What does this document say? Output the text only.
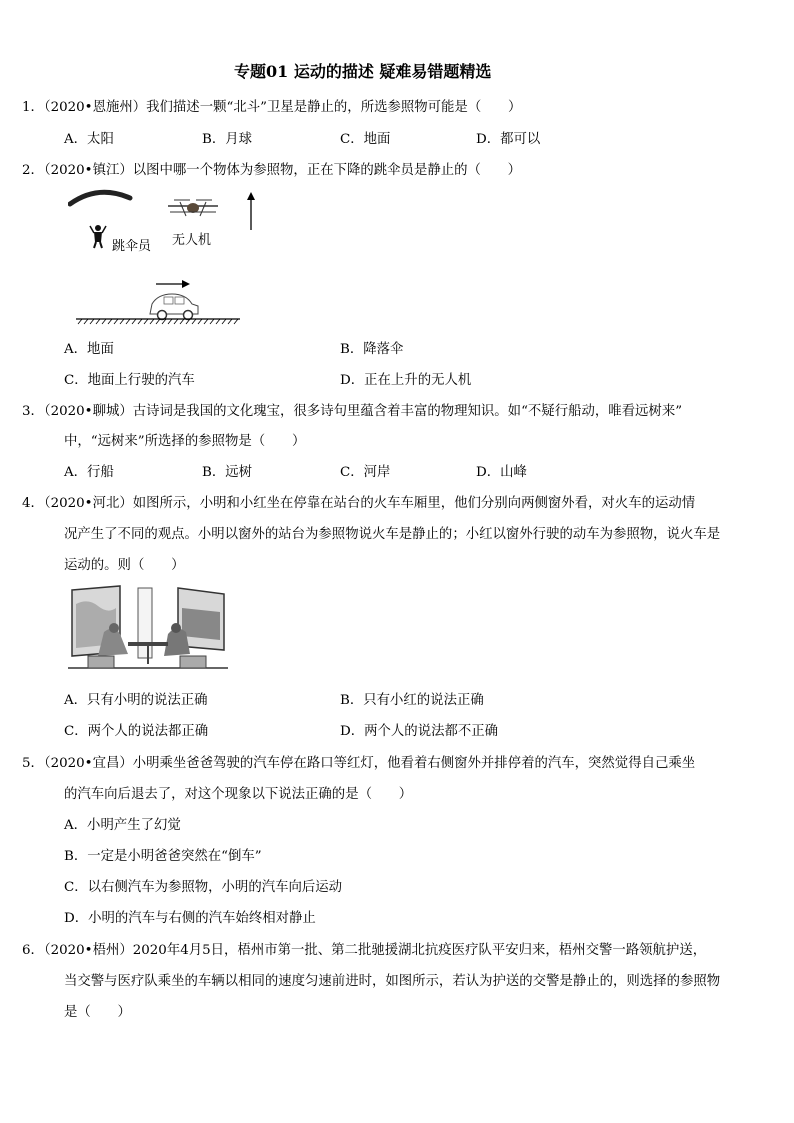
专题01 运动的描述 疑难易错题精选
1．（2020•恩施州）我们描述一颗“北斗”卫星是静止的，所选参照物可能是（　　）
A．太阳	B．月球	C．地面	D．都可以
2．（2020•镇江）以图中哪一个物体为参照物，正在下降的跳伞员是静止的（　　）
跳伞员 无人机
A．地面	B．降落伞
C．地面上行驶的汽车	D．正在上升的无人机
3．（2020•聊城）古诗词是我国的文化瑰宝，很多诗句里蕴含着丰富的物理知识。如“不疑行船动，唯看远树来”
中，“远树来”所选择的参照物是（　　）
A．行船	B．远树	C．河岸	D．山峰
4．（2020•河北）如图所示，小明和小红坐在停靠在站台的火车车厢里，他们分别向两侧窗外看，对火车的运动情
况产生了不同的观点。小明以窗外的站台为参照物说火车是静止的；小红以窗外行驶的动车为参照物，说火车是
运动的。则（　　）
A．只有小明的说法正确	B．只有小红的说法正确
C．两个人的说法都正确	D．两个人的说法都不正确
5．（2020•宜昌）小明乘坐爸爸驾驶的汽车停在路口等红灯，他看着右侧窗外并排停着的汽车，突然觉得自己乘坐
的汽车向后退去了，对这个现象以下说法正确的是（　　）
A．小明产生了幻觉
B．一定是小明爸爸突然在“倒车”
C．以右侧汽车为参照物，小明的汽车向后运动
D．小明的汽车与右侧的汽车始终相对静止
6．（2020•梧州）2020年4月5日，梧州市第一批、第二批驰援湖北抗疫医疗队平安归来，梧州交警一路领航护送，
当交警与医疗队乘坐的车辆以相同的速度匀速前进时，如图所示，若认为护送的交警是静止的，则选择的参照物
是（　　）
